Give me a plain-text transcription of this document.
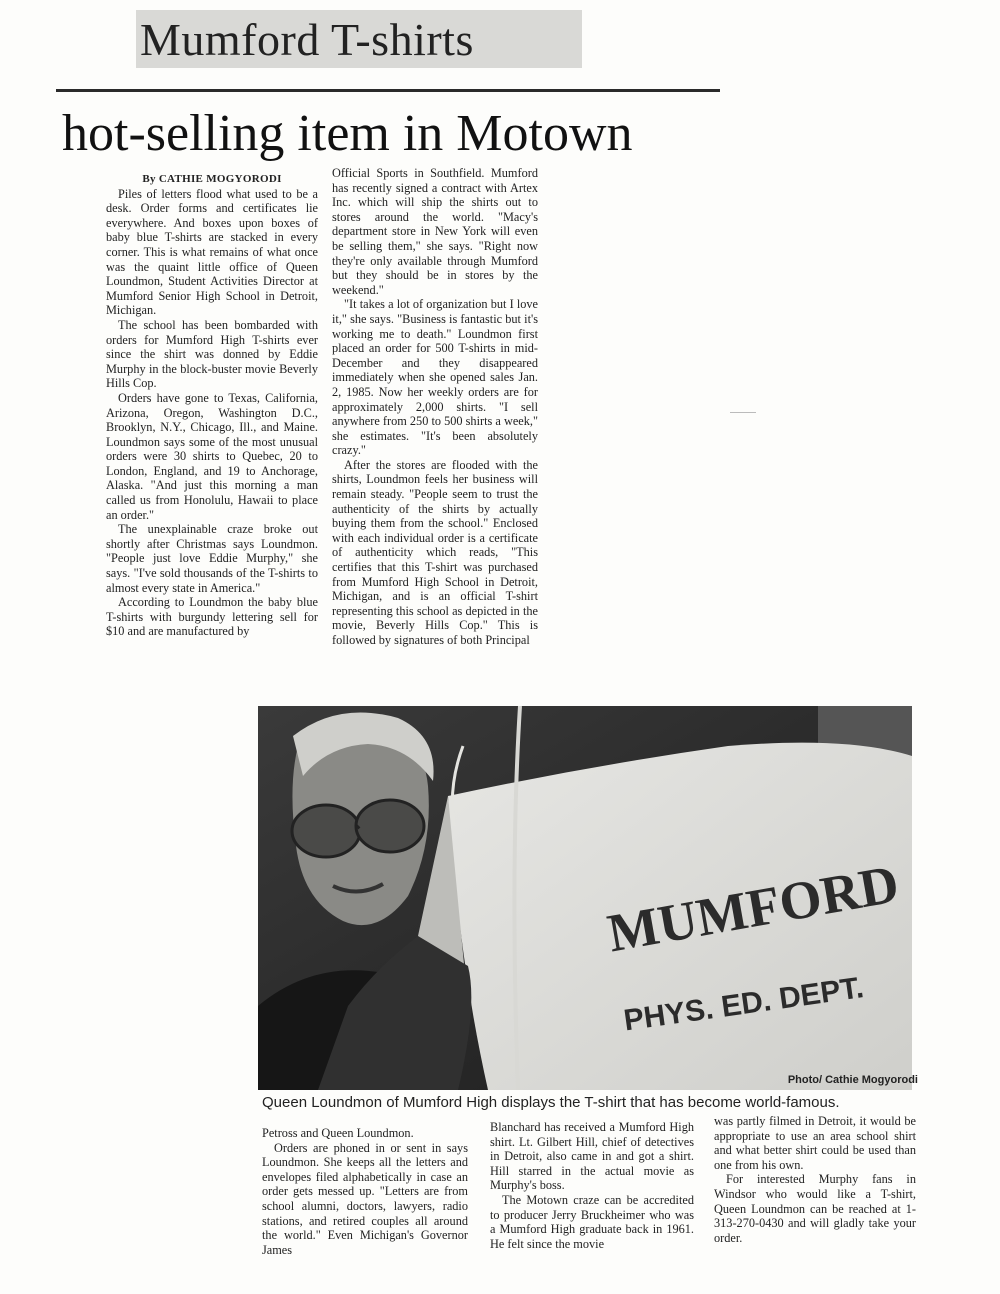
Mumford T-shirts
hot-selling item in Motown

By CATHIE MOGYORODI

Piles of letters flood what used to be a desk. Order forms and certificates lie everywhere. And boxes upon boxes of baby blue T-shirts are stacked in every corner. This is what remains of what once was the quaint little office of Queen Loundmon, Student Activities Director at Mumford Senior High School in Detroit, Michigan.

The school has been bombarded with orders for Mumford High T-shirts ever since the shirt was donned by Eddie Murphy in the block-buster movie Beverly Hills Cop.

Orders have gone to Texas, California, Arizona, Oregon, Washington D.C., Brooklyn, N.Y., Chicago, Ill., and Maine. Loundmon says some of the most unusual orders were 30 shirts to Quebec, 20 to London, England, and 19 to Anchorage, Alaska. "And just this morning a man called us from Honolulu, Hawaii to place an order."

The unexplainable craze broke out shortly after Christmas says Loundmon. "People just love Eddie Murphy," she says. "I've sold thousands of the T-shirts to almost every state in America."

According to Loundmon the baby blue T-shirts with burgundy lettering sell for $10 and are manufactured by

Official Sports in Southfield. Mumford has recently signed a contract with Artex Inc. which will ship the shirts out to stores around the world. "Macy's department store in New York will even be selling them," she says. "Right now they're only available through Mumford but they should be in stores by the weekend."

"It takes a lot of organization but I love it," she says. "Business is fantastic but it's working me to death." Loundmon first placed an order for 500 T-shirts in mid-December and they disappeared immediately when she opened sales Jan. 2, 1985. Now her weekly orders are for approximately 2,000 shirts. "I sell anywhere from 250 to 500 shirts a week," she estimates. "It's been absolutely crazy."

After the stores are flooded with the shirts, Loundmon feels her business will remain steady. "People seem to trust the authenticity of the shirts by actually buying them from the school." Enclosed with each individual order is a certificate of authenticity which reads, "This certifies that this T-shirt was purchased from Mumford High School in Detroit, Michigan, and is an official T-shirt representing this school as depicted in the movie, Beverly Hills Cop." This is followed by signatures of both Principal

MUMFORD
PHYS. ED. DEPT.
Photo/ Cathie Mogyorodi
Queen Loundmon of Mumford High displays the T-shirt that has become world-famous.

Petross and Queen Loundmon.

Orders are phoned in or sent in says Loundmon. She keeps all the letters and envelopes filed alphabetically in case an order gets messed up. "Letters are from school alumni, doctors, lawyers, radio stations, and retired couples all around the world." Even Michigan's Governor James

Blanchard has received a Mumford High shirt. Lt. Gilbert Hill, chief of detectives in Detroit, also came in and got a shirt. Hill starred in the actual movie as Murphy's boss.

The Motown craze can be accredited to producer Jerry Bruckheimer who was a Mumford High graduate back in 1961. He felt since the movie

was partly filmed in Detroit, it would be appropriate to use an area school shirt and what better shirt could be used than one from his own.

For interested Murphy fans in Windsor who would like a T-shirt, Queen Loundmon can be reached at 1-313-270-0430 and will gladly take your order.
